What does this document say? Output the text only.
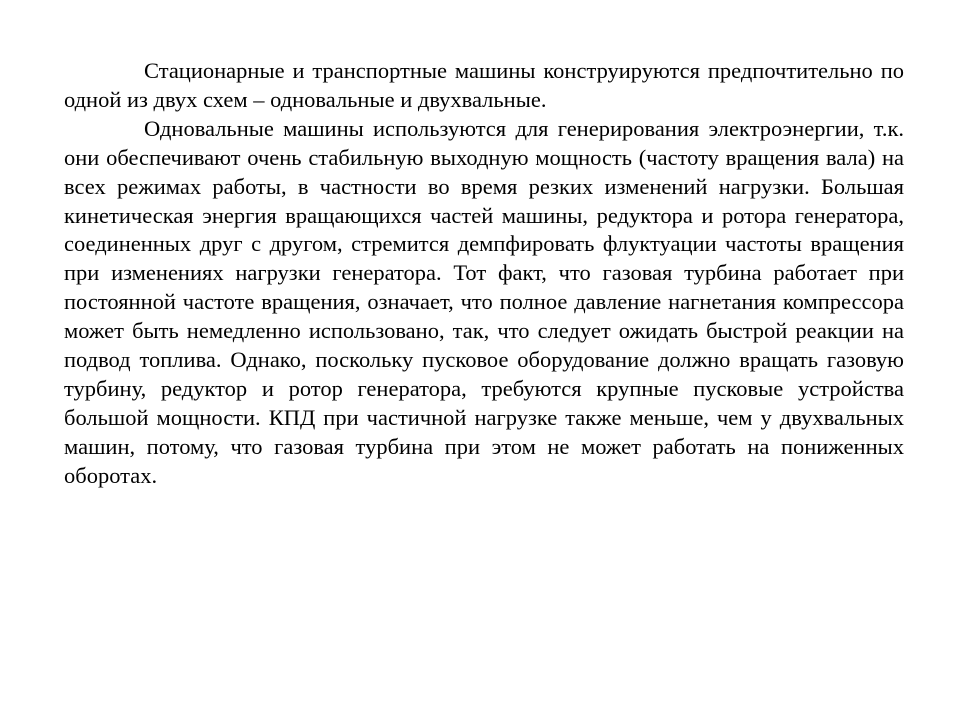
Стационарные и транспортные машины конструируются предпочтительно по одной из двух схем – одновальные и двухвальные.

Одновальные машины используются для генерирования электроэнергии, т.к. они обеспечивают очень стабильную выходную мощность (частоту вращения вала) на всех режимах работы, в частности во время резких изменений нагрузки. Большая кинетическая энергия вращающихся частей машины, редуктора и ротора генератора, соединенных друг с другом, стремится демпфировать флуктуации частоты вращения при изменениях нагрузки генератора. Тот факт, что газовая турбина работает при постоянной частоте вращения, означает, что полное давление нагнетания компрессора может быть немедленно использовано, так, что следует ожидать быстрой реакции на подвод топлива. Однако, поскольку пусковое оборудование должно вращать газовую турбину, редуктор и ротор генератора, требуются крупные пусковые устройства большой мощности. КПД при частичной нагрузке также меньше, чем у двухвальных машин, потому, что газовая турбина при этом не может работать на пониженных оборотах.
